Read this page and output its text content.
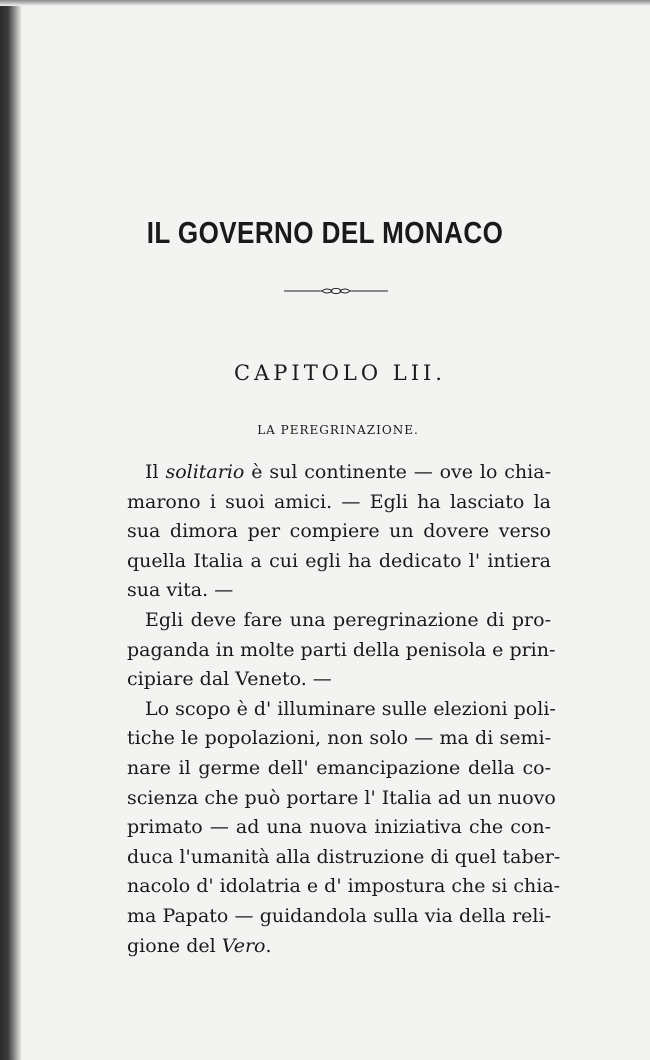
IL GOVERNO DEL MONACO
CAPITOLO LII.
LA PEREGRINAZIONE.
Il solitario è sul continente — ove lo chia-
marono i suoi amici. — Egli ha lasciato la
sua dimora per compiere un dovere verso
quella Italia a cui egli ha dedicato l' intiera
sua vita. —
Egli deve fare una peregrinazione di pro-
paganda in molte parti della penisola e prin-
cipiare dal Veneto. —
Lo scopo è d' illuminare sulle elezioni poli-
tiche le popolazioni, non solo — ma di semi-
nare il germe dell' emancipazione della co-
scienza che può portare l' Italia ad un nuovo
primato — ad una nuova iniziativa che con-
duca l'umanità alla distruzione di quel taber-
nacolo d' idolatria e d' impostura che si chia-
ma Papato — guidandola sulla via della reli-
gione del Vero.
